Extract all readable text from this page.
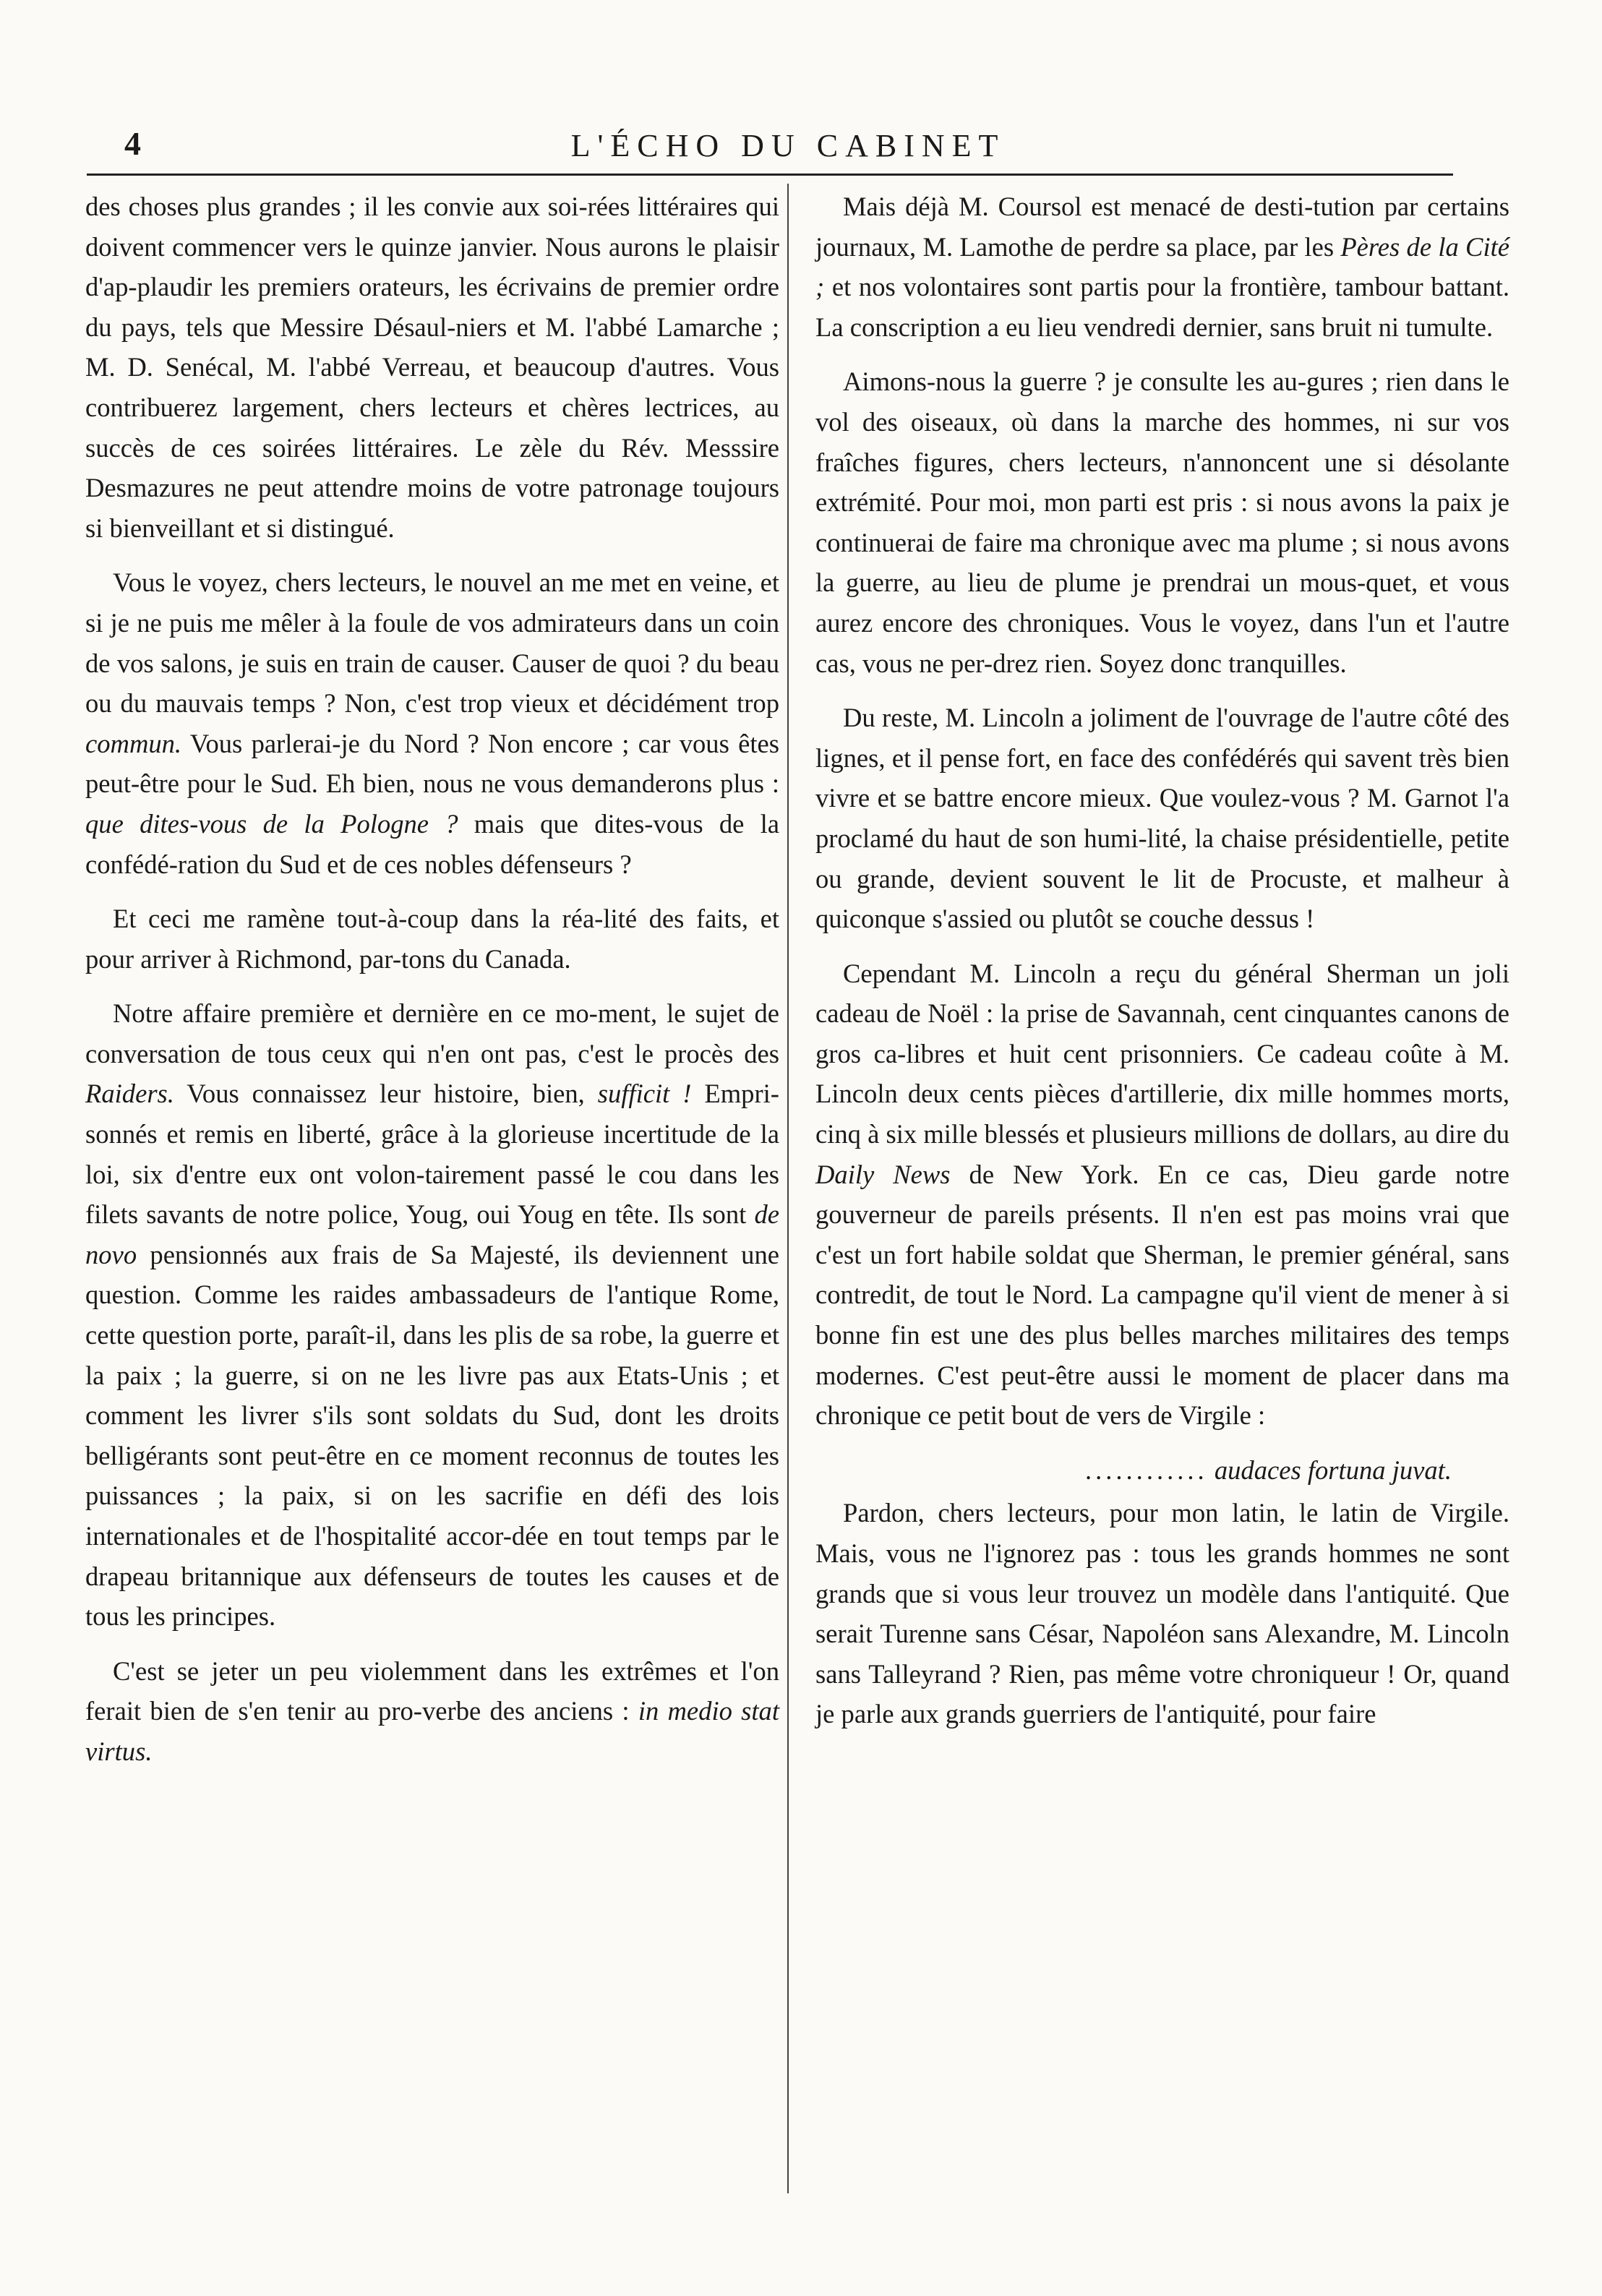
4	L'ÉCHO DU CABINET

des choses plus grandes ; il les convie aux soi-rées littéraires qui doivent commencer vers le quinze janvier. Nous aurons le plaisir d'ap-plaudir les premiers orateurs, les écrivains de premier ordre du pays, tels que Messire Désaul-niers et M. l'abbé Lamarche ; M. D. Senécal, M. l'abbé Verreau, et beaucoup d'autres. Vous contribuerez largement, chers lecteurs et chères lectrices, au succès de ces soirées littéraires. Le zèle du Rév. Messsire Desmazures ne peut attendre moins de votre patronage toujours si bienveillant et si distingué.

Vous le voyez, chers lecteurs, le nouvel an me met en veine, et si je ne puis me mêler à la foule de vos admirateurs dans un coin de vos salons, je suis en train de causer. Causer de quoi ? du beau ou du mauvais temps ? Non, c'est trop vieux et décidément trop commun. Vous parlerai-je du Nord ? Non encore ; car vous êtes peut-être pour le Sud. Eh bien, nous ne vous demanderons plus : que dites-vous de la Pologne ? mais que dites-vous de la confédé-ration du Sud et de ces nobles défenseurs ?

Et ceci me ramène tout-à-coup dans la réa-lité des faits, et pour arriver à Richmond, par-tons du Canada.

Notre affaire première et dernière en ce mo-ment, le sujet de conversation de tous ceux qui n'en ont pas, c'est le procès des Raiders. Vous connaissez leur histoire, bien, sufficit ! Empri-sonnés et remis en liberté, grâce à la glorieuse incertitude de la loi, six d'entre eux ont volon-tairement passé le cou dans les filets savants de notre police, Youg, oui Youg en tête. Ils sont de novo pensionnés aux frais de Sa Majesté, ils deviennent une question. Comme les raides ambassadeurs de l'antique Rome, cette question porte, paraît-il, dans les plis de sa robe, la guerre et la paix ; la guerre, si on ne les livre pas aux Etats-Unis ; et comment les livrer s'ils sont soldats du Sud, dont les droits belligérants sont peut-être en ce moment reconnus de toutes les puissances ; la paix, si on les sacrifie en défi des lois internationales et de l'hospitalité accor-dée en tout temps par le drapeau britannique aux défenseurs de toutes les causes et de tous les principes.

C'est se jeter un peu violemment dans les extrêmes et l'on ferait bien de s'en tenir au pro-verbe des anciens : in medio stat virtus.

Mais déjà M. Coursol est menacé de desti-tution par certains journaux, M. Lamothe de perdre sa place, par les Pères de la Cité ; et nos volontaires sont partis pour la frontière, tambour battant. La conscription a eu lieu vendredi dernier, sans bruit ni tumulte.

Aimons-nous la guerre ? je consulte les au-gures ; rien dans le vol des oiseaux, où dans la marche des hommes, ni sur vos fraîches figures, chers lecteurs, n'annoncent une si désolante extrémité. Pour moi, mon parti est pris : si nous avons la paix je continuerai de faire ma chronique avec ma plume ; si nous avons la guerre, au lieu de plume je prendrai un mous-quet, et vous aurez encore des chroniques. Vous le voyez, dans l'un et l'autre cas, vous ne per-drez rien. Soyez donc tranquilles.

Du reste, M. Lincoln a joliment de l'ouvrage de l'autre côté des lignes, et il pense fort, en face des confédérés qui savent très bien vivre et se battre encore mieux. Que voulez-vous ? M. Garnot l'a proclamé du haut de son humi-lité, la chaise présidentielle, petite ou grande, devient souvent le lit de Procuste, et malheur à quiconque s'assied ou plutôt se couche dessus !

Cependant M. Lincoln a reçu du général Sherman un joli cadeau de Noël : la prise de Savannah, cent cinquantes canons de gros ca-libres et huit cent prisonniers. Ce cadeau coûte à M. Lincoln deux cents pièces d'artillerie, dix mille hommes morts, cinq à six mille blessés et plusieurs millions de dollars, au dire du Daily News de New York. En ce cas, Dieu garde notre gouverneur de pareils présents. Il n'en est pas moins vrai que c'est un fort habile soldat que Sherman, le premier général, sans contredit, de tout le Nord. La campagne qu'il vient de mener à si bonne fin est une des plus belles marches militaires des temps modernes. C'est peut-être aussi le moment de placer dans ma chronique ce petit bout de vers de Virgile :

............ audaces fortuna juvat.

Pardon, chers lecteurs, pour mon latin, le latin de Virgile. Mais, vous ne l'ignorez pas : tous les grands hommes ne sont grands que si vous leur trouvez un modèle dans l'antiquité. Que serait Turenne sans César, Napoléon sans Alexandre, M. Lincoln sans Talleyrand ? Rien, pas même votre chroniqueur ! Or, quand je parle aux grands guerriers de l'antiquité, pour faire
